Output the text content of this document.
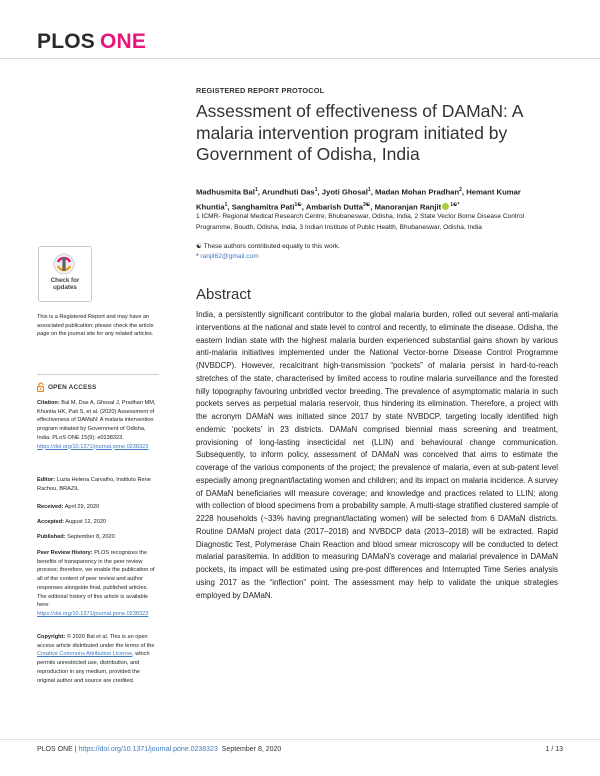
PLOS ONE
REGISTERED REPORT PROTOCOL
Assessment of effectiveness of DAMaN: A malaria intervention program initiated by Government of Odisha, India
Madhusmita Bal$^1$, Arundhuti Das$^1$, Jyoti Ghosal$^1$, Madan Mohan Pradhan$^2$, Hemant Kumar Khuntia$^1$, Sanghamitra Pati$^{1☯}$, Ambarish Dutta$^{3☯}$, Manoranjan Ranjit $^{1☯*}$
1 ICMR- Regional Medical Research Centre, Bhubaneswar, Odisha, India, 2 State Vector Borne Disease Control Programme, Boudh, Odisha, India, 3 Indian Institute of Public Health, Bhubaneswar, Odisha, India
☯ These authors contributed equally to this work.
* ranjit62@gmail.com
Abstract
India, a persistently significant contributor to the global malaria burden, rolled out several anti-malaria interventions at the national and state level to control and recently, to eliminate the disease. Odisha, the eastern Indian state with the highest malaria burden experienced substantial gains shown by various anti-malaria initiatives implemented under the National Vector-borne Disease Control Programme (NVBDCP). However, recalcitrant high-transmission “pockets” of malaria persist in hard-to-reach stretches of the state, characterised by limited access to routine malaria surveillance and the forested hilly topography favouring unbridled vector breeding. The prevalence of asymptomatic malaria in such pockets serves as perpetual malaria reservoir, thus hindering its elimination. Therefore, a project with the acronym DAMaN was initiated since 2017 by state NVBDCP, targeting locally identified high endemic ‘pockets’ in 23 districts. DAMaN comprised biennial mass screening and treatment, provisioning of long-lasting insecticidal net (LLIN) and behavioural change communication. Subsequently, to inform policy, assessment of DAMaN was conceived that aims to estimate the coverage of the various components of the project; the prevalence of malaria, even at sub-patent level especially among pregnant/lactating women and children; and its impact on malaria incidence. A survey of DAMaN beneficiaries will measure coverage; and knowledge and practices related to LLIN; along with collection of blood specimens from a probability sample. A multi-stage stratified clustered sample of 2228 households (~33% having pregnant/lactating women) will be selected from 6 DAMaN districts. Routine DAMaN project data (2017–2018) and NVBDCP data (2013–2018) will be extracted. Rapid Diagnostic Test, Polymerase Chain Reaction and blood smear microscopy will be conducted to detect malarial parasitemia. In addition to measuring DAMaN’s coverage and malarial prevalence in DAMaN pockets, its impact will be estimated using pre-post differences and Interrupted Time Series analysis using 2017 as the “inflection” point. The assessment may help to validate the unique strategies employed by DAMaN.
Check for
updates
This is a Registered Report and may have an associated publication; please check the article page on the journal site for any related articles.
OPEN ACCESS
Citation: Bal M, Das A, Ghosal J, Pradhan MM, Khuntia HK, Pati S, et al. (2020) Assessment of effectiveness of DAMaN: A malaria intervention program initiated by Government of Odisha, India. PLoS ONE 15(9): e0238323. https://doi.org/10.1371/journal.pone.0238323
Editor: Luzia Helena Carvalho, Instituto Rene Rachou, BRAZIL
Received: April 29, 2020
Accepted: August 12, 2020
Published: September 8, 2020
Peer Review History: PLOS recognizes the benefits of transparency in the peer review process; therefore, we enable the publication of all of the content of peer review and author responses alongside final, published articles. The editorial history of this article is available here: https://doi.org/10.1371/journal.pone.0238323
Copyright: © 2020 Bal et al. This is an open access article distributed under the terms of the Creative Commons Attribution License, which permits unrestricted use, distribution, and reproduction in any medium, provided the original author and source are credited.
PLOS ONE | https://doi.org/10.1371/journal.pone.0238323 September 8, 2020	1 / 13
